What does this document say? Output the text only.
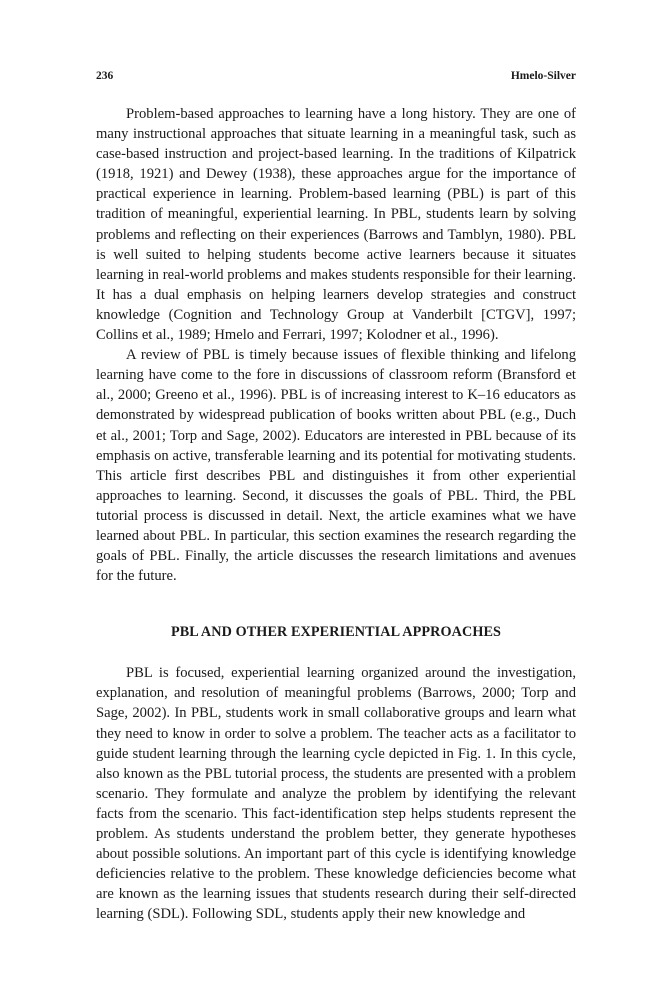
236	Hmelo-Silver

Problem-based approaches to learning have a long history. They are one of many instructional approaches that situate learning in a meaningful task, such as case-based instruction and project-based learning. In the traditions of Kilpatrick (1918, 1921) and Dewey (1938), these approaches argue for the importance of practical experience in learning. Problem-based learning (PBL) is part of this tradition of meaningful, experiential learning. In PBL, students learn by solving problems and reflecting on their experiences (Barrows and Tamblyn, 1980). PBL is well suited to helping students become active learners because it situates learning in real-world problems and makes students responsible for their learning. It has a dual emphasis on helping learners develop strategies and construct knowledge (Cognition and Technology Group at Vanderbilt [CTGV], 1997; Collins et al., 1989; Hmelo and Ferrari, 1997; Kolodner et al., 1996).

A review of PBL is timely because issues of flexible thinking and lifelong learning have come to the fore in discussions of classroom reform (Bransford et al., 2000; Greeno et al., 1996). PBL is of increasing interest to K–16 educators as demonstrated by widespread publication of books written about PBL (e.g., Duch et al., 2001; Torp and Sage, 2002). Educators are interested in PBL because of its emphasis on active, transferable learning and its potential for motivating students. This article first describes PBL and distinguishes it from other experiential approaches to learning. Second, it discusses the goals of PBL. Third, the PBL tutorial process is discussed in detail. Next, the article examines what we have learned about PBL. In particular, this section examines the research regarding the goals of PBL. Finally, the article discusses the research limitations and avenues for the future.

PBL AND OTHER EXPERIENTIAL APPROACHES

PBL is focused, experiential learning organized around the investigation, explanation, and resolution of meaningful problems (Barrows, 2000; Torp and Sage, 2002). In PBL, students work in small collaborative groups and learn what they need to know in order to solve a problem. The teacher acts as a facilitator to guide student learning through the learning cycle depicted in Fig. 1. In this cycle, also known as the PBL tutorial process, the students are presented with a problem scenario. They formulate and analyze the problem by identifying the relevant facts from the scenario. This fact-identification step helps students represent the problem. As students understand the problem better, they generate hypotheses about possible solutions. An important part of this cycle is identifying knowledge deficiencies relative to the problem. These knowledge deficiencies become what are known as the learning issues that students research during their self-directed learning (SDL). Following SDL, students apply their new knowledge and
